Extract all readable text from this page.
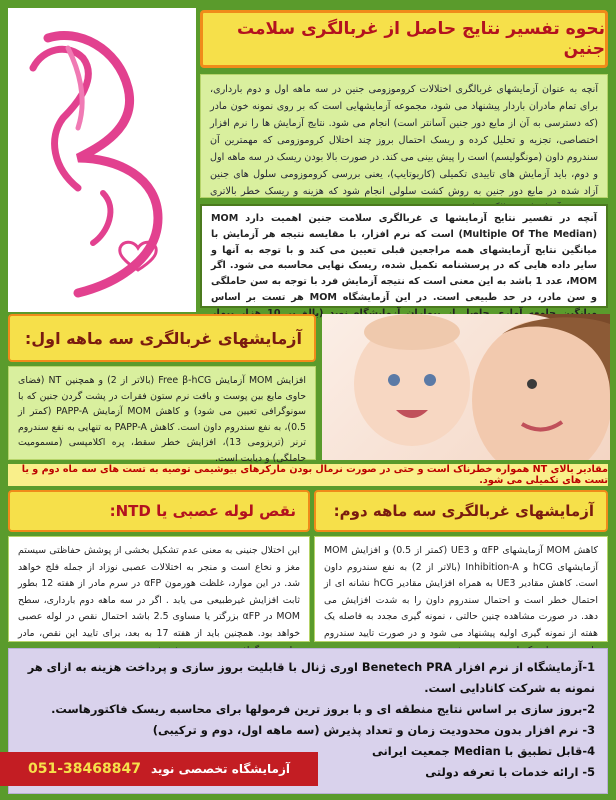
نحوه تفسیر نتایج حاصل از غربالگری سلامت جنین
آنچه به عنوان آزمایشهای غربالگری اختلالات کروموزومی جنین در سه ماهه اول و دوم بارداری، برای تمام مادران باردار پیشنهاد می شود، مجموعه آزمایشهایی است که بر روی نمونه خون مادر (که دسترسی به آن از مایع دور جنین آسانتر است) انجام می شود. نتایج آزمایش ها را نرم افزار اختصاصی، تجزیه و تحلیل کرده و ریسک احتمال بروز چند اختلال کروموزومی که مهمترین آن سندروم داون (مونگولیسم) است را پیش بینی می کند. در صورت بالا بودن ریسک در سه ماهه اول و دوم، باید آزمایش های تاییدی تکمیلی (کاریوتایپ)، یعنی بررسی کروموزومی سلول های جنین آزاد شده در مایع دور جنین به روش کشت سلولی انجام شود که هزینه و ریسک خطر بالاتری
آنچه در تفسیر نتایج آزمایشها ی غربالگری سلامت جنین اهمیت دارد MOM (Multiple Of The Median) است که نرم افزار، با مقایسه نتیجه هر آزمایش با میانگین نتایج آزمایشهای همه مراجعین قبلی تعیین می کند و با توجه به آنها و سایر داده هایی که در پرسشنامه تکمیل شده، ریسک نهایی محاسبه می شود. اگر MOM، عدد 1 باشد به این معنی است که نتیجه آزمایش فرد با توجه به سن حاملگی و سن مادر، در حد طبیعی است. در این آزمایشگاه MOM هر تست بر اساس
آزمایشهای غربالگری سه ماهه اول:
افزایش MOM آزمایش Free β-hCG (بالاتر از 2) و همچنین NT (فضای حاوی مایع بین پوست و بافت نرم ستون فقرات در پشت گردن جنین که با سونوگرافی تعیین می شود) و کاهش MOM آزمایش PAPP-A (کمتر از 0.5)، به نفع سندروم داون است. کاهش PAPP-A به تنهایی به نفع سندروم ترنر (تریزومی 13)، افزایش خطر سقط، پره اکلامپسی (مسمومیت حاملگی) و دیابت است.
مقادیر بالای NT همواره خطرناک است و حتی در صورت نرمال بودن مارکرهای بیوشیمی توصیه به تست های سه ماه دوم و یا تست های تکمیلی می شود.
نقص لوله عصبی یا NTD:	آزمایشهای غربالگری سه ماهه دوم:
این اختلال جنینی به معنی عدم تشکیل بخشی از پوشش حفاظتی سیستم مغز و نخاع است و منجر به اختلالات عصبی نوزاد از جمله فلج خواهد شد. در این موارد، غلظت هورمون αFP در سرم مادر از هفته 12 بطور ثابت افزایش غیرطبیعی می یابد . اگر در سه ماهه دوم بارداری، سطح MOM در αFP بزرگتر یا مساوی 2.5 باشد احتمال نقص در لوله عصبی خواهد بود. همچنین باید از هفته 17 به بعد، برای تایید این نقص، مادر
کاهش MOM آزمایشهای αFP و UE3 (کمتر از 0.5) و افزایش MOM آزمایشهای hCG و Inhibition-A (بالاتر از 2) به نفع سندروم داون است. کاهش مقادیر UE3 به همراه افزایش مقادیر hCG نشانه ای از احتمال خطر است و احتمال سندروم داون را به شدت افزایش می دهد. در صورت مشاهده چنین حالتی ، نمونه گیری مجدد به فاصله یک هفته از نمونه گیری اولیه پیشنهاد می شود و در صورت تایید سندروم
1-آزمایشگاه از نرم افزار Benetech PRA اوری ژنال با قابلیت بروز سازی و پرداخت هزینه به ازای هر نمونه به شرکت کانادایی است.
2-بروز سازی بر اساس نتایج منطقه ای و با بروز ترین فرمولها برای محاسبه ریسک فاکتورهاست.
3- نرم افزار بدون محدودیت زمان و تعداد پذیرش (سه ماهه اول، دوم و ترکیبی)
4-قابل تطبیق با Median جمعیت ایرانی
5- ارائه خدمات با تعرفه دولتی
051-38468847 آزمایشگاه تخصصی نوید
